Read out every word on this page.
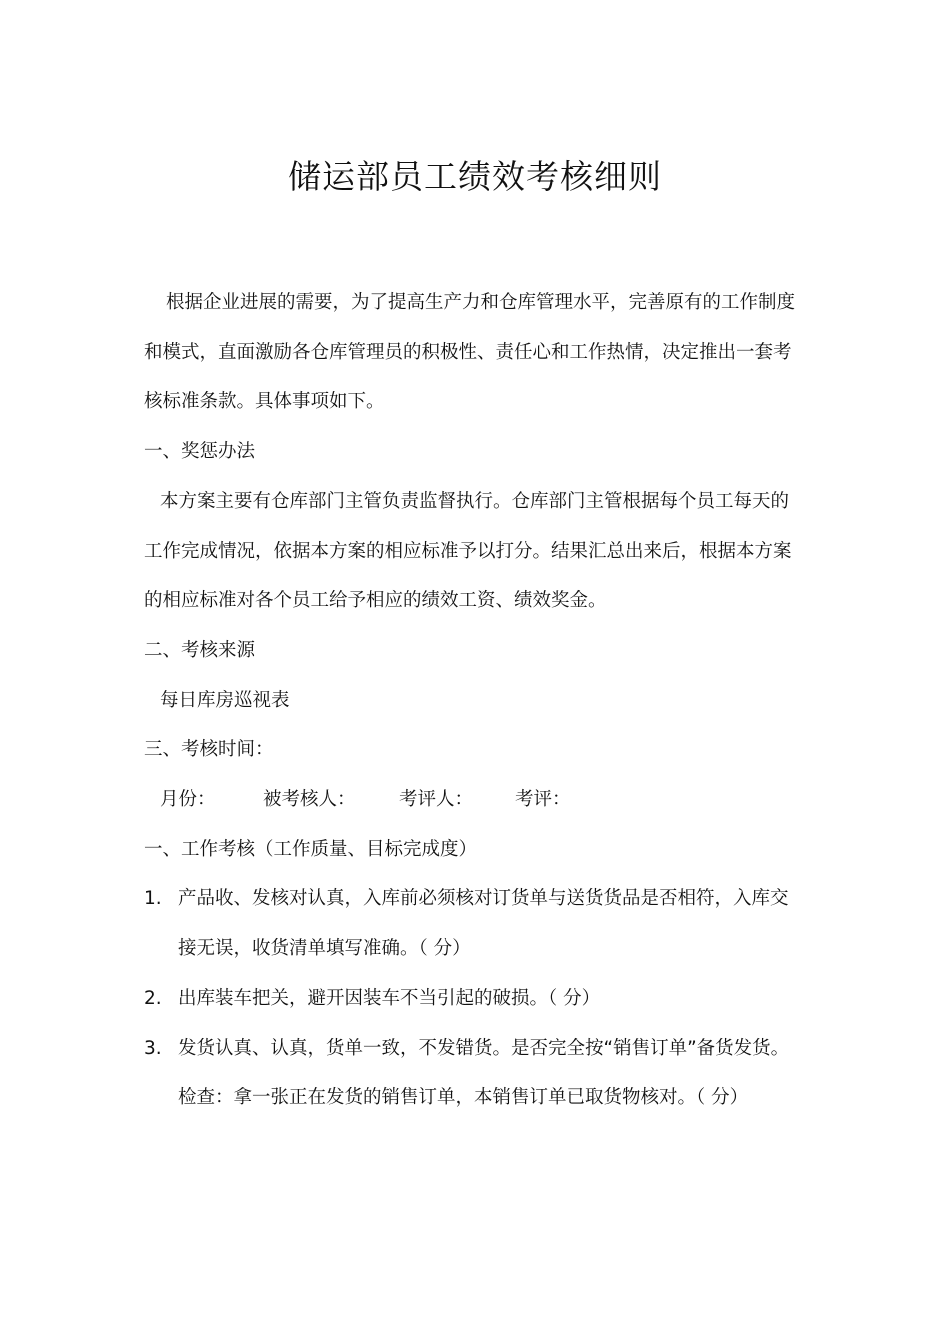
储运部员工绩效考核细则

根据企业进展的需要，为了提高生产力和仓库管理水平，完善原有的工作制度和模式，直面激励各仓库管理员的积极性、责任心和工作热情，决定推出一套考核标准条款。具体事项如下。

一、奖惩办法

本方案主要有仓库部门主管负责监督执行。仓库部门主管根据每个员工每天的工作完成情况，依据本方案的相应标准予以打分。结果汇总出来后，根据本方案的相应标准对各个员工给予相应的绩效工资、绩效奖金。

二、考核来源

每日库房巡视表

三、考核时间：

月份：	被考核人：	考评人：	考评：

一、工作考核（工作质量、目标完成度）

1. 产品收、发核对认真，入库前必须核对订货单与送货货品是否相符，入库交接无误，收货清单填写准确。（ 分）
2. 出库装车把关，避开因装车不当引起的破损。（ 分）
3. 发货认真、认真，货单一致，不发错货。是否完全按“销售订单”备货发货。检查：拿一张正在发货的销售订单，本销售订单已取货物核对。（ 分）
